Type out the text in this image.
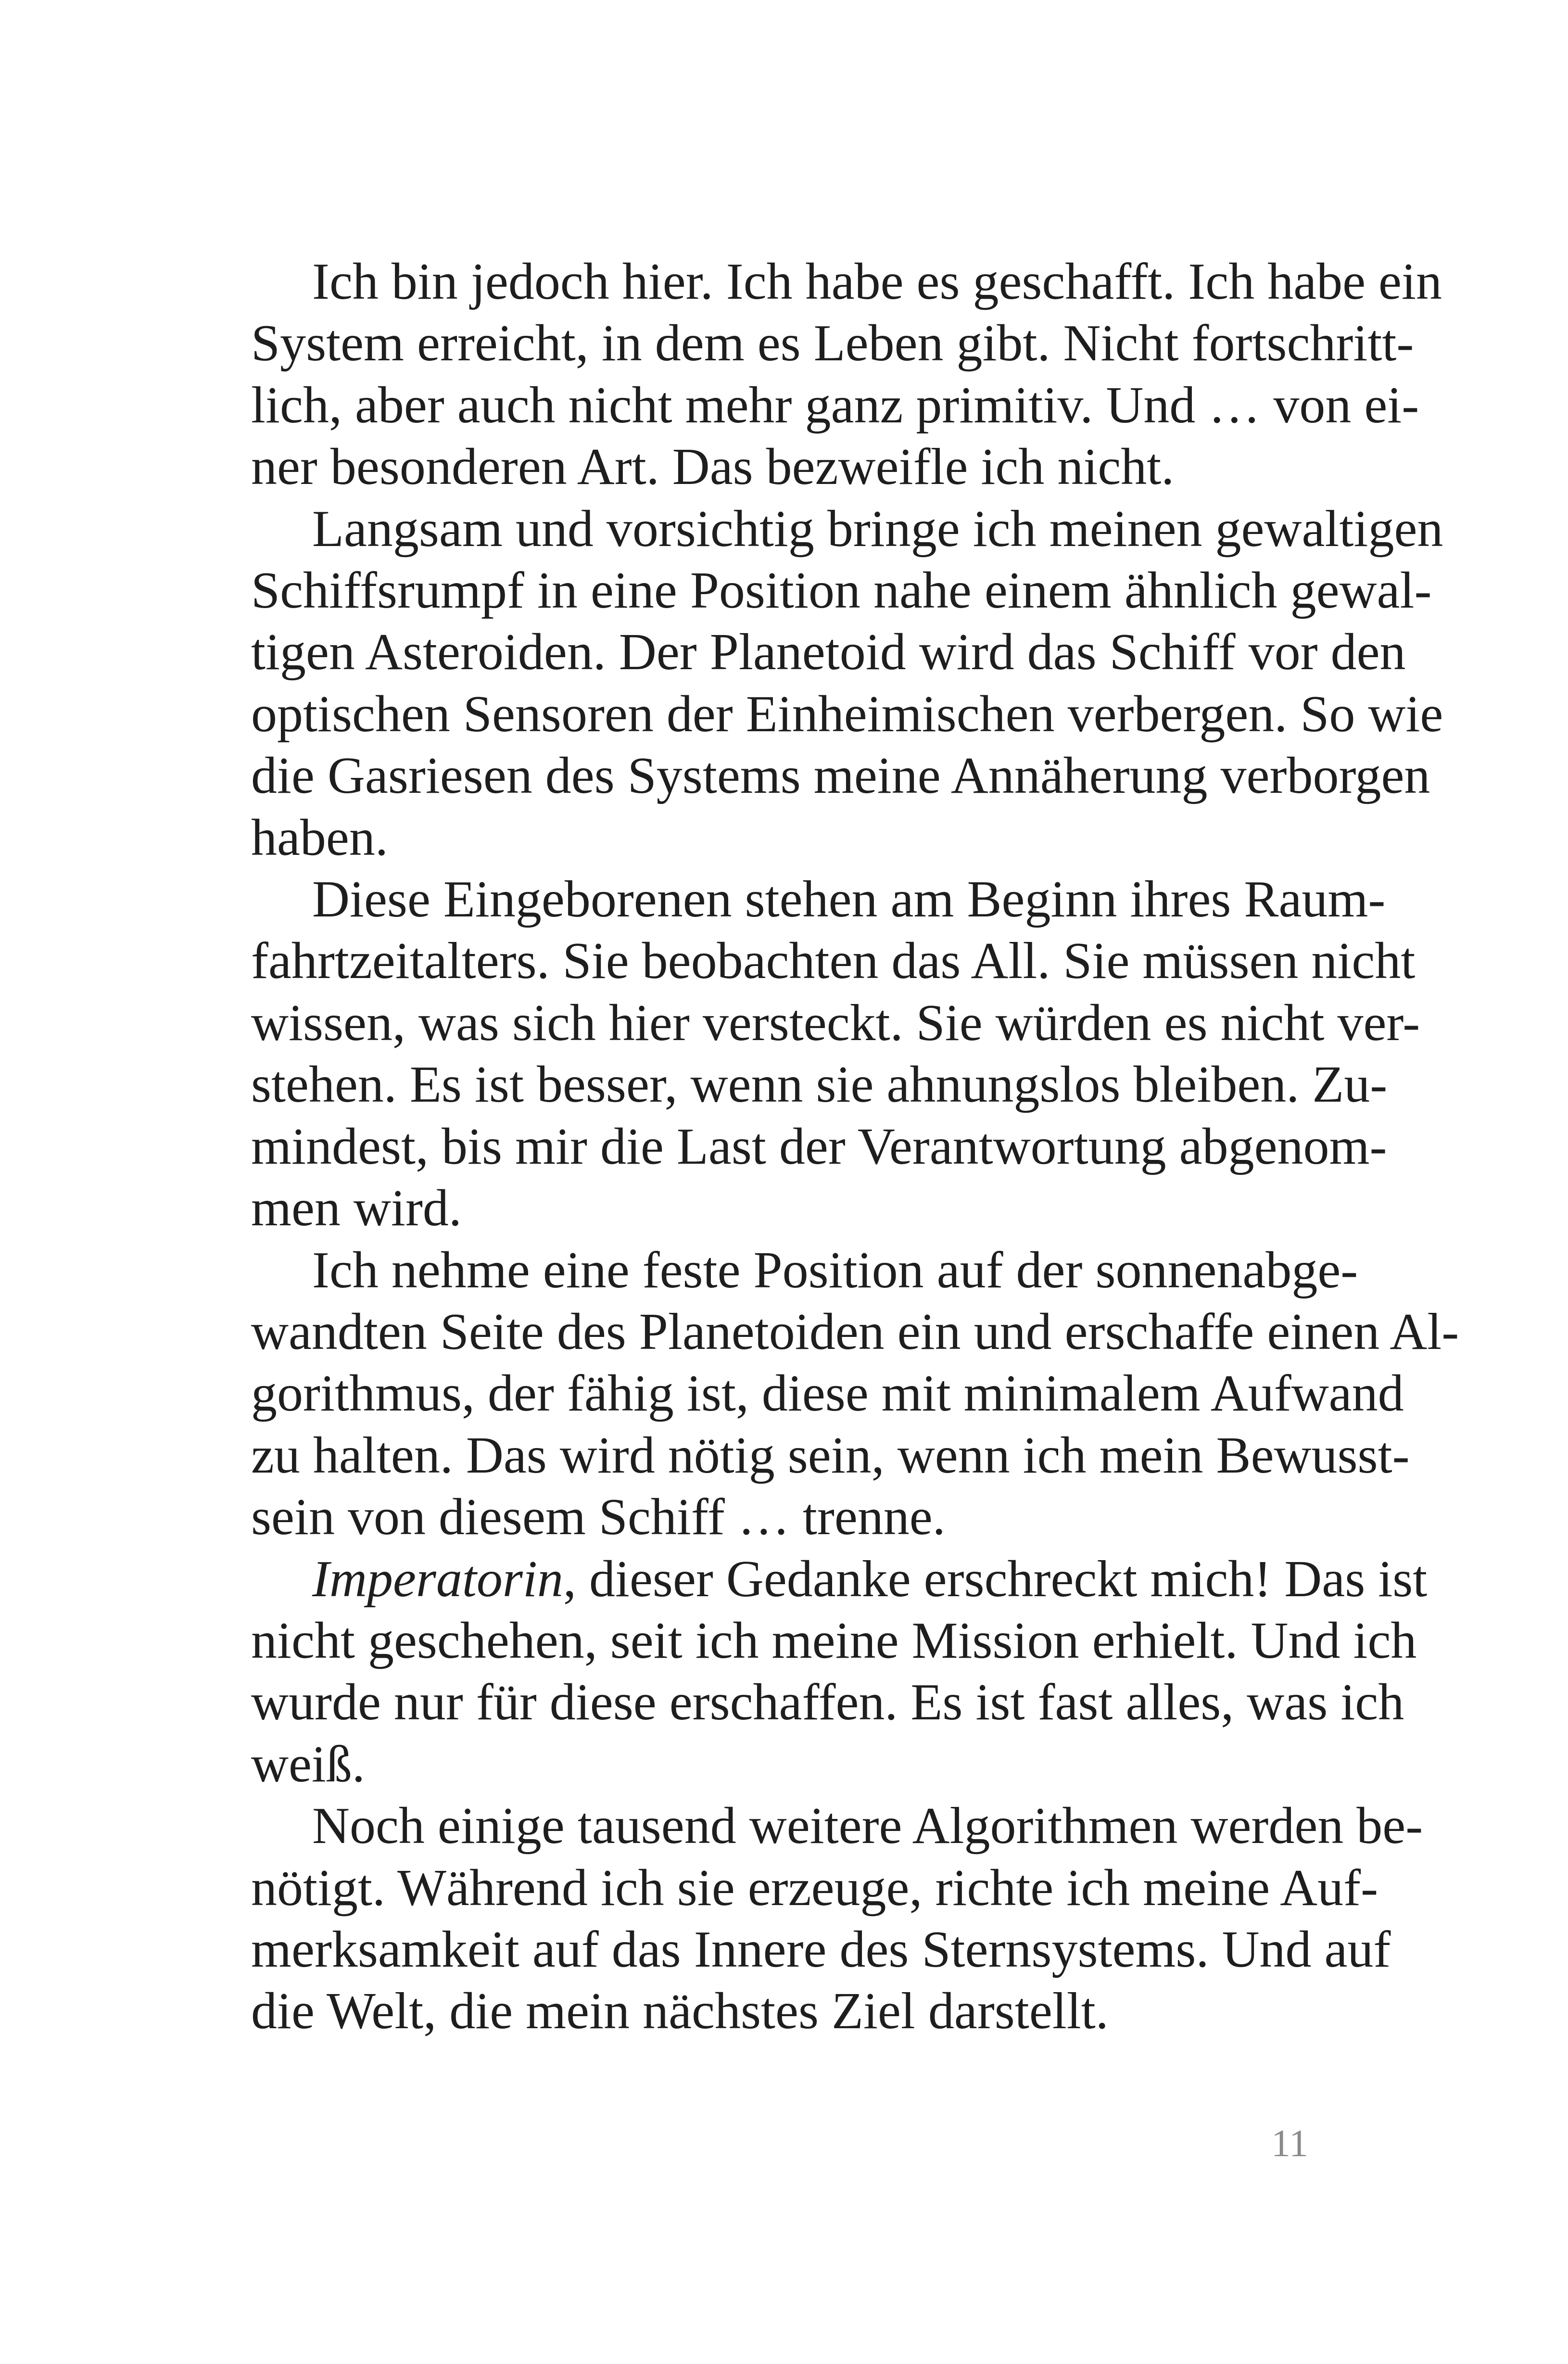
Ich bin jedoch hier. Ich habe es geschafft. Ich habe ein
System erreicht, in dem es Leben gibt. Nicht fortschritt-
lich, aber auch nicht mehr ganz primitiv. Und … von ei-
ner besonderen Art. Das bezweifle ich nicht.
Langsam und vorsichtig bringe ich meinen gewaltigen
Schiffsrumpf in eine Position nahe einem ähnlich gewal-
tigen Asteroiden. Der Planetoid wird das Schiff vor den
optischen Sensoren der Einheimischen verbergen. So wie
die Gasriesen des Systems meine Annäherung verborgen
haben.
Diese Eingeborenen stehen am Beginn ihres Raum-
fahrtzeitalters. Sie beobachten das All. Sie müssen nicht
wissen, was sich hier versteckt. Sie würden es nicht ver-
stehen. Es ist besser, wenn sie ahnungslos bleiben. Zu-
mindest, bis mir die Last der Verantwortung abgenom-
men wird.
Ich nehme eine feste Position auf der sonnenabge-
wandten Seite des Planetoiden ein und erschaffe einen Al-
gorithmus, der fähig ist, diese mit minimalem Aufwand
zu halten. Das wird nötig sein, wenn ich mein Bewusst-
sein von diesem Schiff … trenne.
Imperatorin, dieser Gedanke erschreckt mich! Das ist
nicht geschehen, seit ich meine Mission erhielt. Und ich
wurde nur für diese erschaffen. Es ist fast alles, was ich
weiß.
Noch einige tausend weitere Algorithmen werden be-
nötigt. Während ich sie erzeuge, richte ich meine Auf-
merksamkeit auf das Innere des Sternsystems. Und auf
die Welt, die mein nächstes Ziel darstellt.
11
